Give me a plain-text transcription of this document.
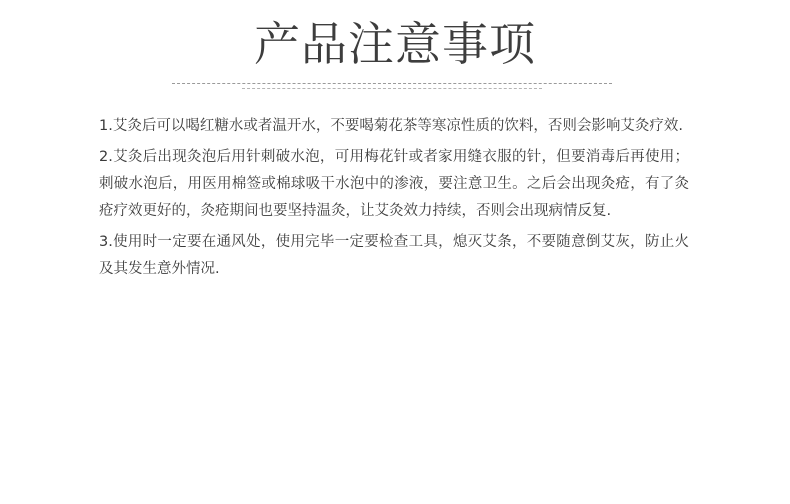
产品注意事项

1.艾灸后可以喝红糖水或者温开水，不要喝菊花茶等寒凉性质的饮料，否则会影响艾灸疗效.

2.艾灸后出现灸泡后用针刺破水泡，可用梅花针或者家用缝衣服的针，但要消毒后再使用；刺破水泡后，用医用棉签或棉球吸干水泡中的渗液，要注意卫生。之后会出现灸疮，有了灸疮疗效更好的，灸疮期间也要坚持温灸，让艾灸效力持续，否则会出现病情反复.

3.使用时一定要在通风处，使用完毕一定要检查工具，熄灭艾条，不要随意倒艾灰，防止火及其发生意外情况.
